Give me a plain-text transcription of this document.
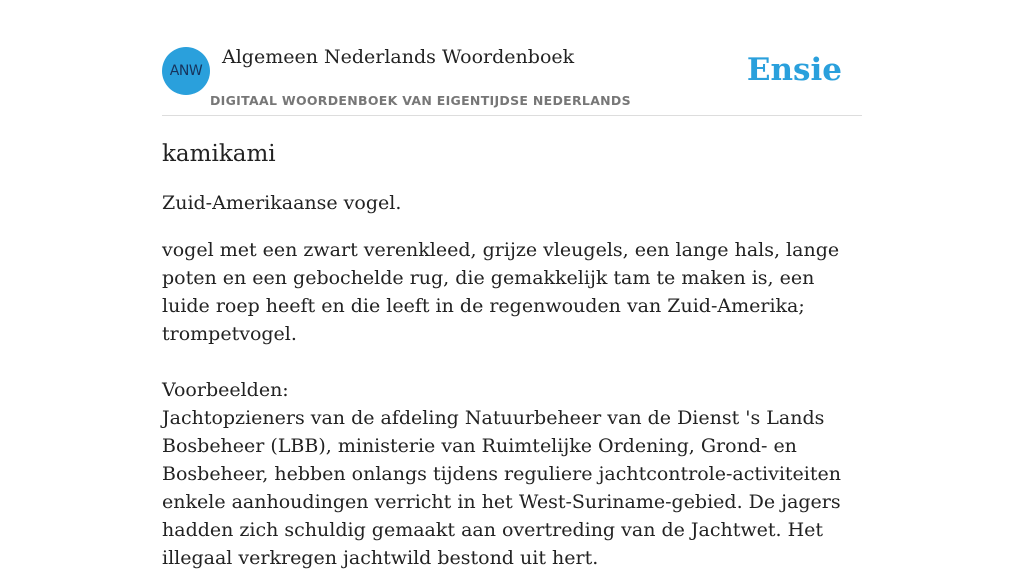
ANW
Algemeen Nederlands Woordenboek
DIGITAAL WOORDENBOEK VAN EIGENTIJDSE NEDERLANDS
Ensie
kamikami

Zuid-Amerikaanse vogel.

vogel met een zwart verenkleed, grijze vleugels, een lange hals, lange poten en een gebochelde rug, die gemakkelijk tam te maken is, een luide roep heeft en die leeft in de regenwouden van Zuid-Amerika; trompetvogel.

Voorbeelden:

Jachtopzieners van de afdeling Natuurbeheer van de Dienst 's Lands Bosbeheer (LBB), ministerie van Ruimtelijke Ordening, Grond- en Bosbeheer, hebben onlangs tijdens reguliere jachtcontrole-activiteiten enkele aanhoudingen verricht in het West-Suriname-gebied. De jagers hadden zich schuldig gemaakt aan overtreding van de Jachtwet. Het illegaal verkregen jachtwild bestond uit hert.
